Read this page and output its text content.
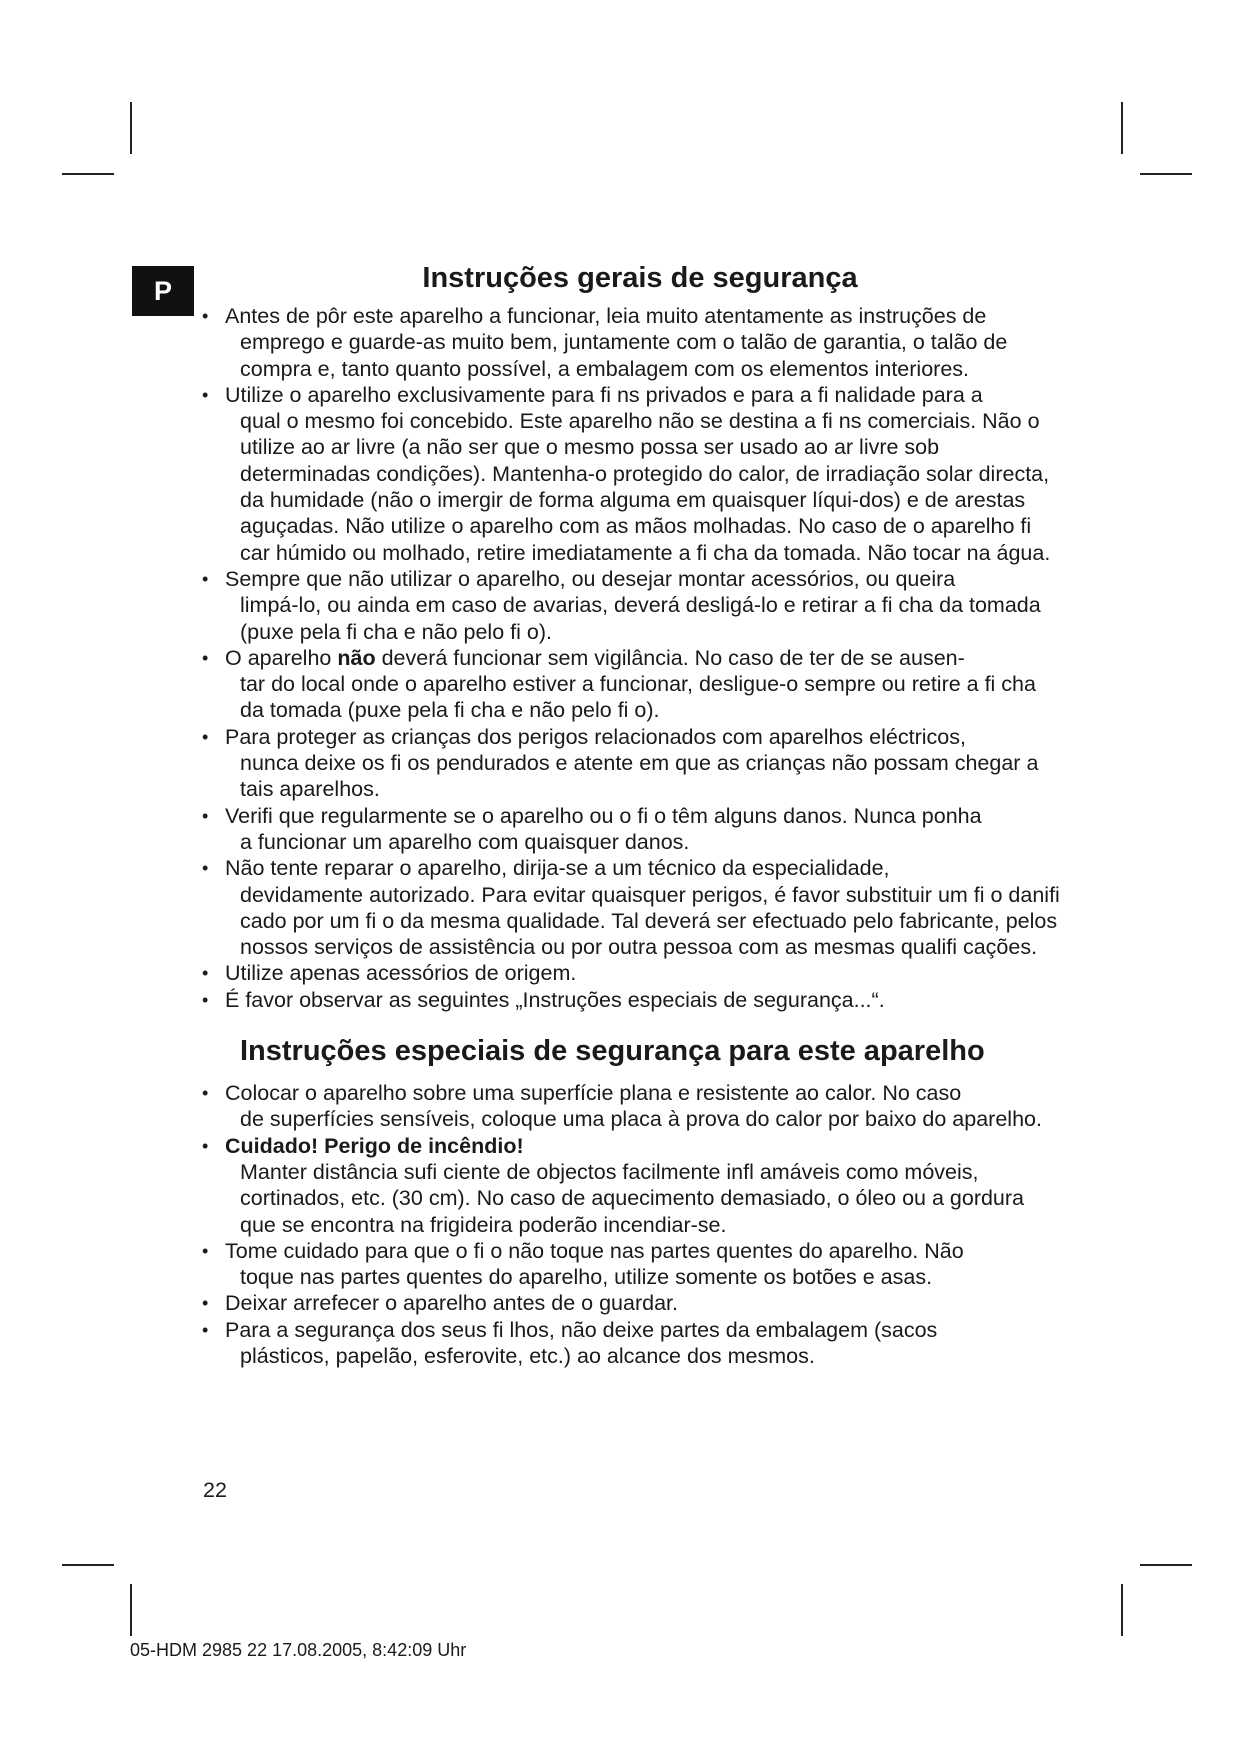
P	Instruções gerais de segurança
• Antes de pôr este aparelho a funcionar, leia muito atentamente as instruções de
emprego e guarde-as muito bem, juntamente com o talão de garantia, o talão de compra e, tanto quanto possível, a embalagem com os elementos interiores.
• Utilize o aparelho exclusivamente para fi ns privados e para a fi nalidade para a
qual o mesmo foi concebido. Este aparelho não se destina a fi ns comerciais. Não o utilize ao ar livre (a não ser que o mesmo possa ser usado ao ar livre sob determinadas condições). Mantenha-o protegido do calor, de irradiação solar directa, da humidade (não o imergir de forma alguma em quaisquer líqui-dos) e de arestas aguçadas. Não utilize o aparelho com as mãos molhadas. No caso de o aparelho fi car húmido ou molhado, retire imediatamente a fi cha da tomada. Não tocar na água.
• Sempre que não utilizar o aparelho, ou desejar montar acessórios, ou queira
limpá-lo, ou ainda em caso de avarias, deverá desligá-lo e retirar a fi cha da tomada (puxe pela fi cha e não pelo fi o).
• O aparelho não deverá funcionar sem vigilância. No caso de ter de se ausen-
tar do local onde o aparelho estiver a funcionar, desligue-o sempre ou retire a fi cha da tomada (puxe pela fi cha e não pelo fi o).
• Para proteger as crianças dos perigos relacionados com aparelhos eléctricos,
nunca deixe os fi os pendurados e atente em que as crianças não possam chegar a tais aparelhos.
• Verifi que regularmente se o aparelho ou o fi o têm alguns danos. Nunca ponha
a funcionar um aparelho com quaisquer danos.
• Não tente reparar o aparelho, dirija-se a um técnico da especialidade,
devidamente autorizado. Para evitar quaisquer perigos, é favor substituir um fi o danifi cado por um fi o da mesma qualidade. Tal deverá ser efectuado pelo fabricante, pelos nossos serviços de assistência ou por outra pessoa com as mesmas qualifi cações.
• Utilize apenas acessórios de origem.
• É favor observar as seguintes „Instruções especiais de segurança...“.
Instruções especiais de segurança para este aparelho
• Colocar o aparelho sobre uma superfície plana e resistente ao calor. No caso
de superfícies sensíveis, coloque uma placa à prova do calor por baixo do aparelho.
• Cuidado! Perigo de incêndio!
Manter distância sufi ciente de objectos facilmente infl amáveis como móveis, cortinados, etc. (30 cm). No caso de aquecimento demasiado, o óleo ou a gordura que se encontra na frigideira poderão incendiar-se.
• Tome cuidado para que o fi o não toque nas partes quentes do aparelho. Não
toque nas partes quentes do aparelho, utilize somente os botões e asas.
• Deixar arrefecer o aparelho antes de o guardar.
• Para a segurança dos seus fi lhos, não deixe partes da embalagem (sacos
plásticos, papelão, esferovite, etc.) ao alcance dos mesmos.
22
05-HDM 2985 22 17.08.2005, 8:42:09 Uhr
